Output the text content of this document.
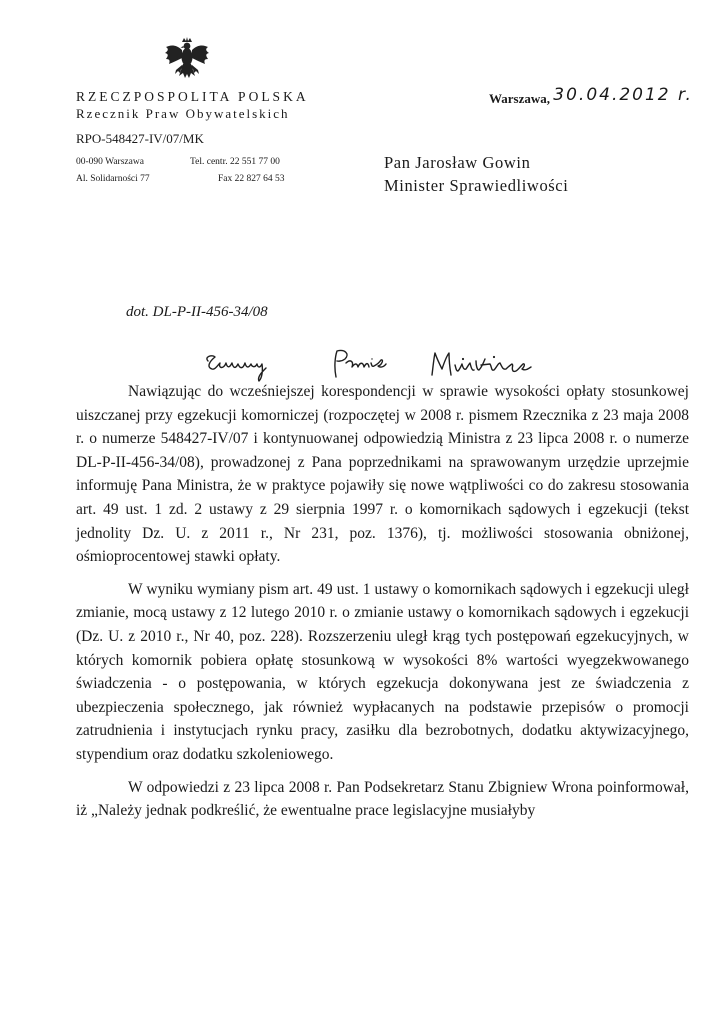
RZECZPOSPOLITA POLSKA
Rzecznik Praw Obywatelskich
RPO-548427-IV/07/MK
00-090 Warszawa
Al. Solidarności 77
Tel. centr. 22 551 77 00
Fax 22 827 64 53
Warszawa, 30.04.2012 r.
Pan Jarosław Gowin
Minister Sprawiedliwości
dot. DL-P-II-456-34/08

Nawiązując do wcześniejszej korespondencji w sprawie wysokości opłaty stosunkowej uiszczanej przy egzekucji komorniczej (rozpoczętej w 2008 r. pismem Rzecznika z 23 maja 2008 r. o numerze 548427-IV/07 i kontynuowanej odpowiedzią Ministra z 23 lipca 2008 r. o numerze DL-P-II-456-34/08), prowadzonej z Pana poprzednikami na sprawowanym urzędzie uprzejmie informuję Pana Ministra, że w praktyce pojawiły się nowe wątpliwości co do zakresu stosowania art. 49 ust. 1 zd. 2 ustawy z 29 sierpnia 1997 r. o komornikach sądowych i egzekucji (tekst jednolity Dz. U. z 2011 r., Nr 231, poz. 1376), tj. możliwości stosowania obniżonej, ośmioprocentowej stawki opłaty.

W wyniku wymiany pism art. 49 ust. 1 ustawy o komornikach sądowych i egzekucji uległ zmianie, mocą ustawy z 12 lutego 2010 r. o zmianie ustawy o komornikach sądowych i egzekucji (Dz. U. z 2010 r., Nr 40, poz. 228). Rozszerzeniu uległ krąg tych postępowań egzekucyjnych, w których komornik pobiera opłatę stosunkową w wysokości 8% wartości wyegzekwowanego świadczenia - o postępowania, w których egzekucja dokonywana jest ze świadczenia z ubezpieczenia społecznego, jak również wypłacanych na podstawie przepisów o promocji zatrudnienia i instytucjach rynku pracy, zasiłku dla bezrobotnych, dodatku aktywizacyjnego, stypendium oraz dodatku szkoleniowego.

W odpowiedzi z 23 lipca 2008 r. Pan Podsekretarz Stanu Zbigniew Wrona poinformował, iż „Należy jednak podkreślić, że ewentualne prace legislacyjne musiałyby
